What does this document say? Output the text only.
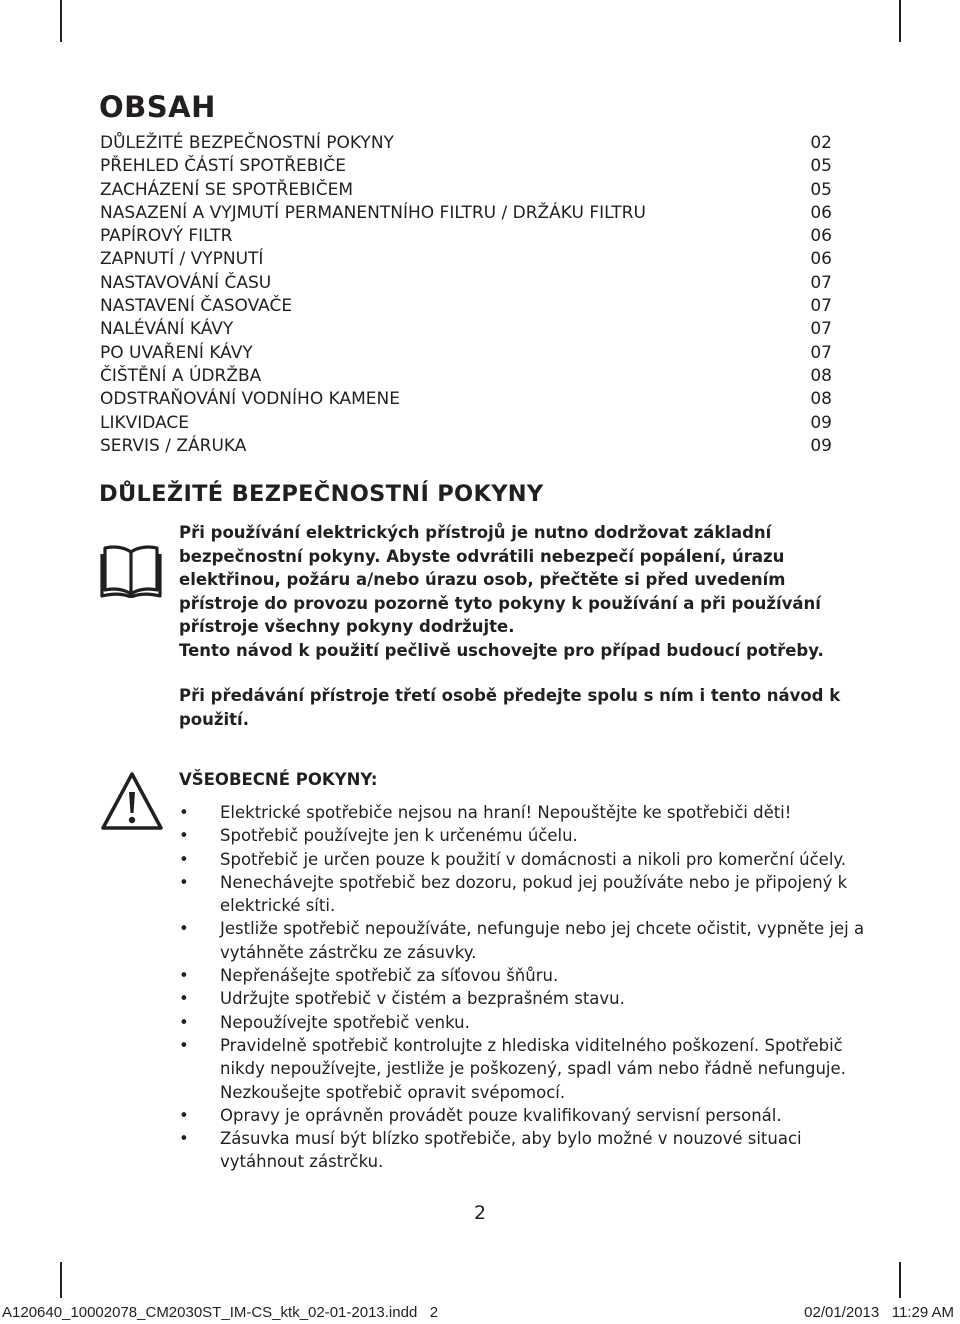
OBSAH
DŮLEŽITÉ BEZPEČNOSTNÍ POKYNY	02
PŘEHLED ČÁSTÍ SPOTŘEBIČE	05
ZACHÁZENÍ SE SPOTŘEBIČEM	05
NASAZENÍ A VYJMUTÍ PERMANENTNÍHO FILTRU / DRŽÁKU FILTRU	06
PAPÍROVÝ FILTR	06
ZAPNUTÍ / VYPNUTÍ	06
NASTAVOVÁNÍ ČASU	07
NASTAVENÍ ČASOVAČE	07
NALÉVÁNÍ KÁVY	07
PO UVAŘENÍ KÁVY	07
ČIŠTĚNÍ A ÚDRŽBA	08
ODSTRAŇOVÁNÍ VODNÍHO KAMENE	08
LIKVIDACE	09
SERVIS / ZÁRUKA	09
DŮLEŽITÉ BEZPEČNOSTNÍ POKYNY

Při používání elektrických přístrojů je nutno dodržovat základní bezpečnostní pokyny. Abyste odvrátili nebezpečí popálení, úrazu elektřinou, požáru a/nebo úrazu osob, přečtěte si před uvedením přístroje do provozu pozorně tyto pokyny k používání a při používání přístroje všechny pokyny dodržujte.

Tento návod k použití pečlivě uschovejte pro případ budoucí potřeby.

Při předávání přístroje třetí osobě předejte spolu s ním i tento návod k použití.

VŠEOBECNÉ POKYNY:
• Elektrické spotřebiče nejsou na hraní! Nepouštějte ke spotřebiči děti!
• Spotřebič používejte jen k určenému účelu.
• Spotřebič je určen pouze k použití v domácnosti a nikoli pro komerční účely.
• Nenechávejte spotřebič bez dozoru, pokud jej používáte nebo je připojený k elektrické síti.
• Jestliže spotřebič nepoužíváte, nefunguje nebo jej chcete očistit, vypněte jej a vytáhněte zástrčku ze zásuvky.
• Nepřenášejte spotřebič za síťovou šňůru.
• Udržujte spotřebič v čistém a bezprašném stavu.
• Nepoužívejte spotřebič venku.
• Pravidelně spotřebič kontrolujte z hlediska viditelného poškození. Spotřebič nikdy nepoužívejte, jestliže je poškozený, spadl vám nebo řádně nefunguje. Nezkoušejte spotřebič opravit svépomocí.
• Opravy je oprávněn provádět pouze kvalifikovaný servisní personál.
• Zásuvka musí být blízko spotřebiče, aby bylo možné v nouzové situaci vytáhnout zástrčku.
2
A120640_10002078_CM2030ST_IM-CS_ktk_02-01-2013.indd   2	02/01/2013   11:29 AM
